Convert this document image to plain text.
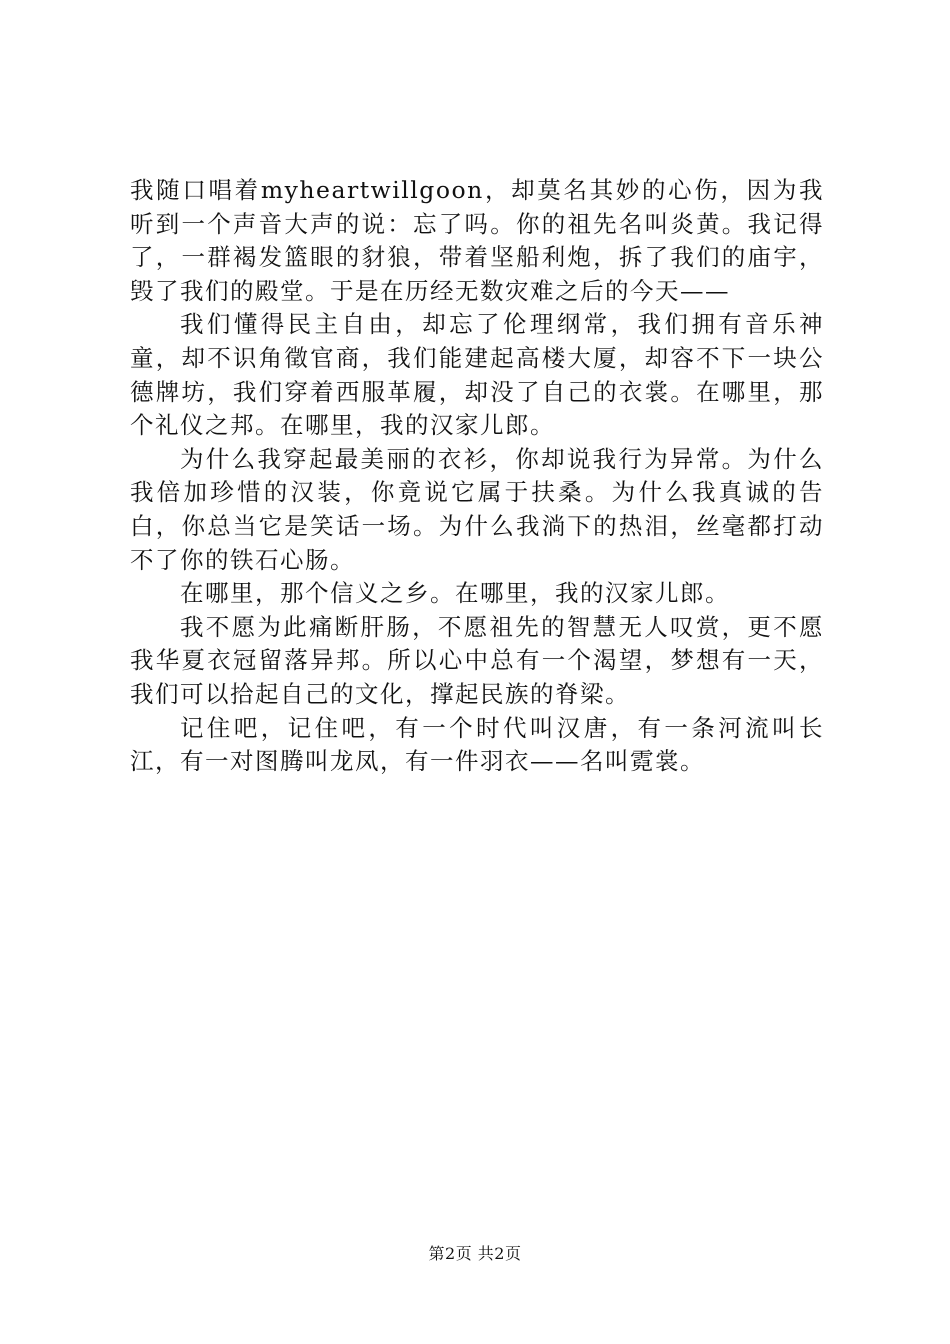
我随口唱着myheartwillgoon，却莫名其妙的心伤，因为我听到一个声音大声的说：忘了吗。你的祖先名叫炎黄。我记得了，一群褐发篮眼的豺狼，带着坚船利炮，拆了我们的庙宇，毁了我们的殿堂。于是在历经无数灾难之后的今天——

我们懂得民主自由，却忘了伦理纲常，我们拥有音乐神童，却不识角徵官商，我们能建起高楼大厦，却容不下一块公德牌坊，我们穿着西服革履，却没了自己的衣裳。在哪里，那个礼仪之邦。在哪里，我的汉家儿郎。

为什么我穿起最美丽的衣衫，你却说我行为异常。为什么我倍加珍惜的汉装，你竟说它属于扶桑。为什么我真诚的告白，你总当它是笑话一场。为什么我淌下的热泪，丝毫都打动不了你的铁石心肠。

在哪里，那个信义之乡。在哪里，我的汉家儿郎。

我不愿为此痛断肝肠，不愿祖先的智慧无人叹赏，更不愿我华夏衣冠留落异邦。所以心中总有一个渴望，梦想有一天，我们可以拾起自己的文化，撑起民族的脊梁。

记住吧，记住吧，有一个时代叫汉唐，有一条河流叫长江，有一对图腾叫龙凤，有一件羽衣——名叫霓裳。

第2页 共2页
